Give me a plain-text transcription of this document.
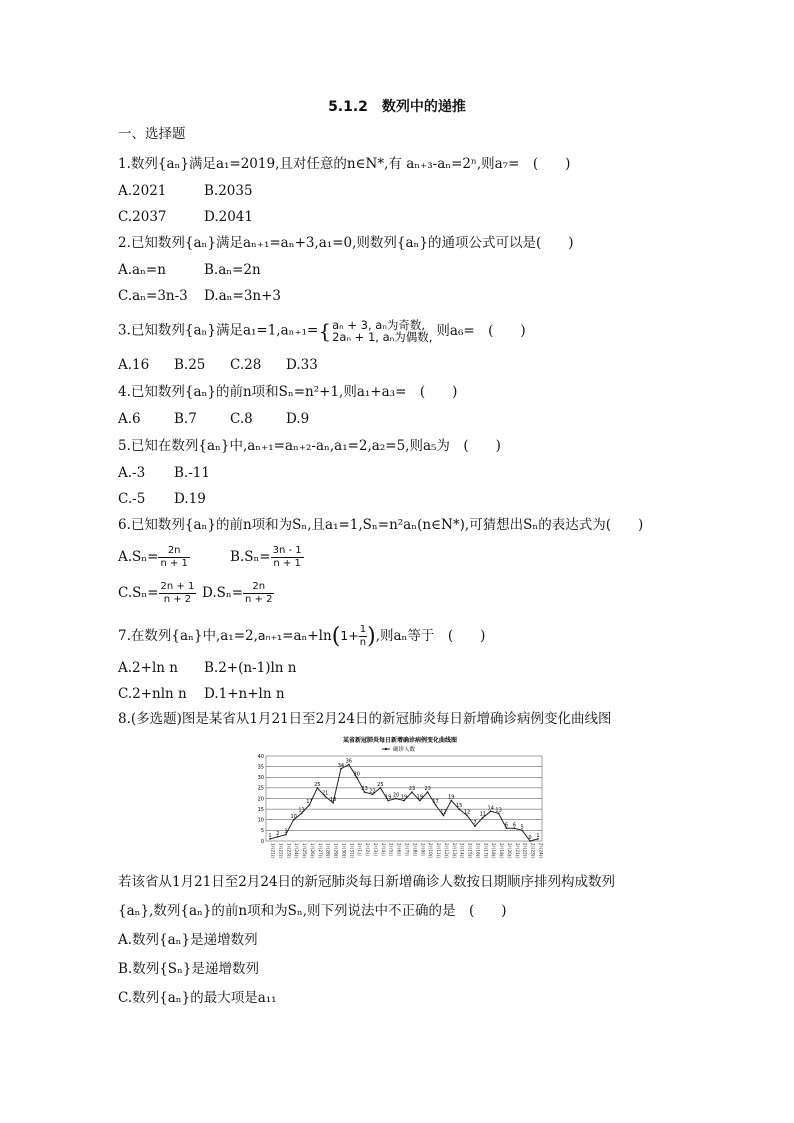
5.1.2　数列中的递推
一、选择题
1.数列{aₙ}满足a₁=2019,且对任意的n∈N*,有 aₙ₊₃-aₙ=2ⁿ,则a₇=　(　　)
A.2021	B.2035
C.2037	D.2041
2.已知数列{aₙ}满足aₙ₊₁=aₙ+3,a₁=0,则数列{aₙ}的通项公式可以是(　　)
A.aₙ=n	B.aₙ=2n
C.aₙ=3n-3 D.aₙ=3n+3
3.已知数列{aₙ}满足a₁=1,aₙ₊₁={ aₙ + 3, aₙ为奇数,
2aₙ + 1, aₙ为偶数, 则a₆=　(　　)
A.16 B.25 C.28 D.33
4.已知数列{aₙ}的前n项和Sₙ=n²+1,则a₁+a₃=　(　　)
A.6 B.7 C.8 D.9
5.已知在数列{aₙ}中,aₙ₊₁=aₙ₊₂-aₙ,a₁=2,a₂=5,则a₅为　(　　)
A.-3 B.-11
C.-5 D.19
6.已知数列{aₙ}的前n项和为Sₙ,且a₁=1,Sₙ=n²aₙ(n∈N*),可猜想出Sₙ的表达式为(　　)
$A.S_n= \frac{2n}{n + 1}$	$B.S_n= \frac{3n - 1}{n + 1}$
$C.S_n= \frac{2n + 1}{n + 2} D.S_n= \frac{2n}{n + 2}$
7.在数列{aₙ}中$,a_1=2,a_{n+1}=a_n+\ln(1+ \frac{1}{n}$ ),则aₙ等于　(　　)
A.2+ln n B.2+(n-1)ln n
C.2+nln n D.1+n+ln n
8.(多选题)图是某省从1月21日至2月24日的新冠肺炎每日新增确诊病例变化曲线图
某省新冠肺炎每日新增确诊病例变化曲线图
确诊人数
0
5
10
15
20
25
30
35
40
1月21日 1月22日 1月23日 1月24日 1月25日 1月26日 1月27日 1月28日 1月29日 1月30日 1月31日 2月1日 2月2日 2月3日 2月4日 2月5日 2月6日 2月7日 2月8日 2月9日 2月10日 2月11日 2月12日 2月13日 2月14日 2月15日 2月16日 2月17日 2月18日 2月19日 2月20日 2月21日 2月22日 2月23日 2月24日
1 2 3
10
13
17
25
21
18
34
36
30
23 22
25
19 20 19
23
19
23
17
12
19
15
12
7
11
14 13
6 6 5
0 1
若该省从1月21日至2月24日的新冠肺炎每日新增确诊人数按日期顺序排列构成数列
{aₙ},数列{aₙ}的前n项和为Sₙ,则下列说法中不正确的是　(　　)
A.数列{aₙ}是递增数列
B.数列{Sₙ}是递增数列
C.数列{aₙ}的最大项是a₁₁
